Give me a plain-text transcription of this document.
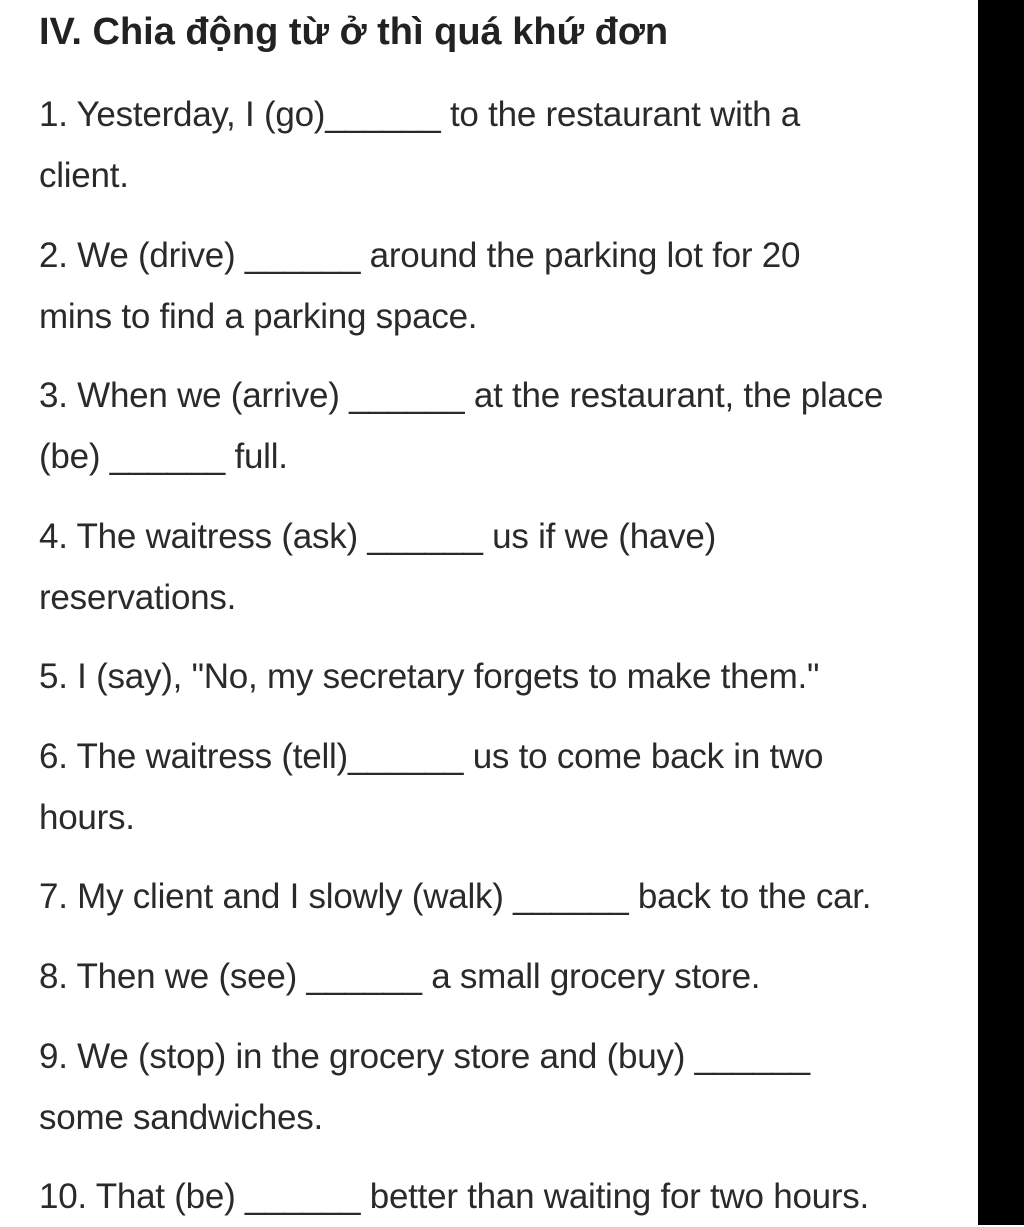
IV. Chia động từ ở thì quá khứ đơn
1. Yesterday, I (go)______ to the restaurant with a
client.
2. We (drive) ______ around the parking lot for 20
mins to find a parking space.
3. When we (arrive) ______ at the restaurant, the place
(be) ______ full.
4. The waitress (ask) ______ us if we (have)
reservations.
5. I (say), "No, my secretary forgets to make them."
6. The waitress (tell)______ us to come back in two
hours.
7. My client and I slowly (walk) ______ back to the car.
8. Then we (see) ______ a small grocery store.
9. We (stop) in the grocery store and (buy) ______
some sandwiches.
10. That (be) ______ better than waiting for two hours.
